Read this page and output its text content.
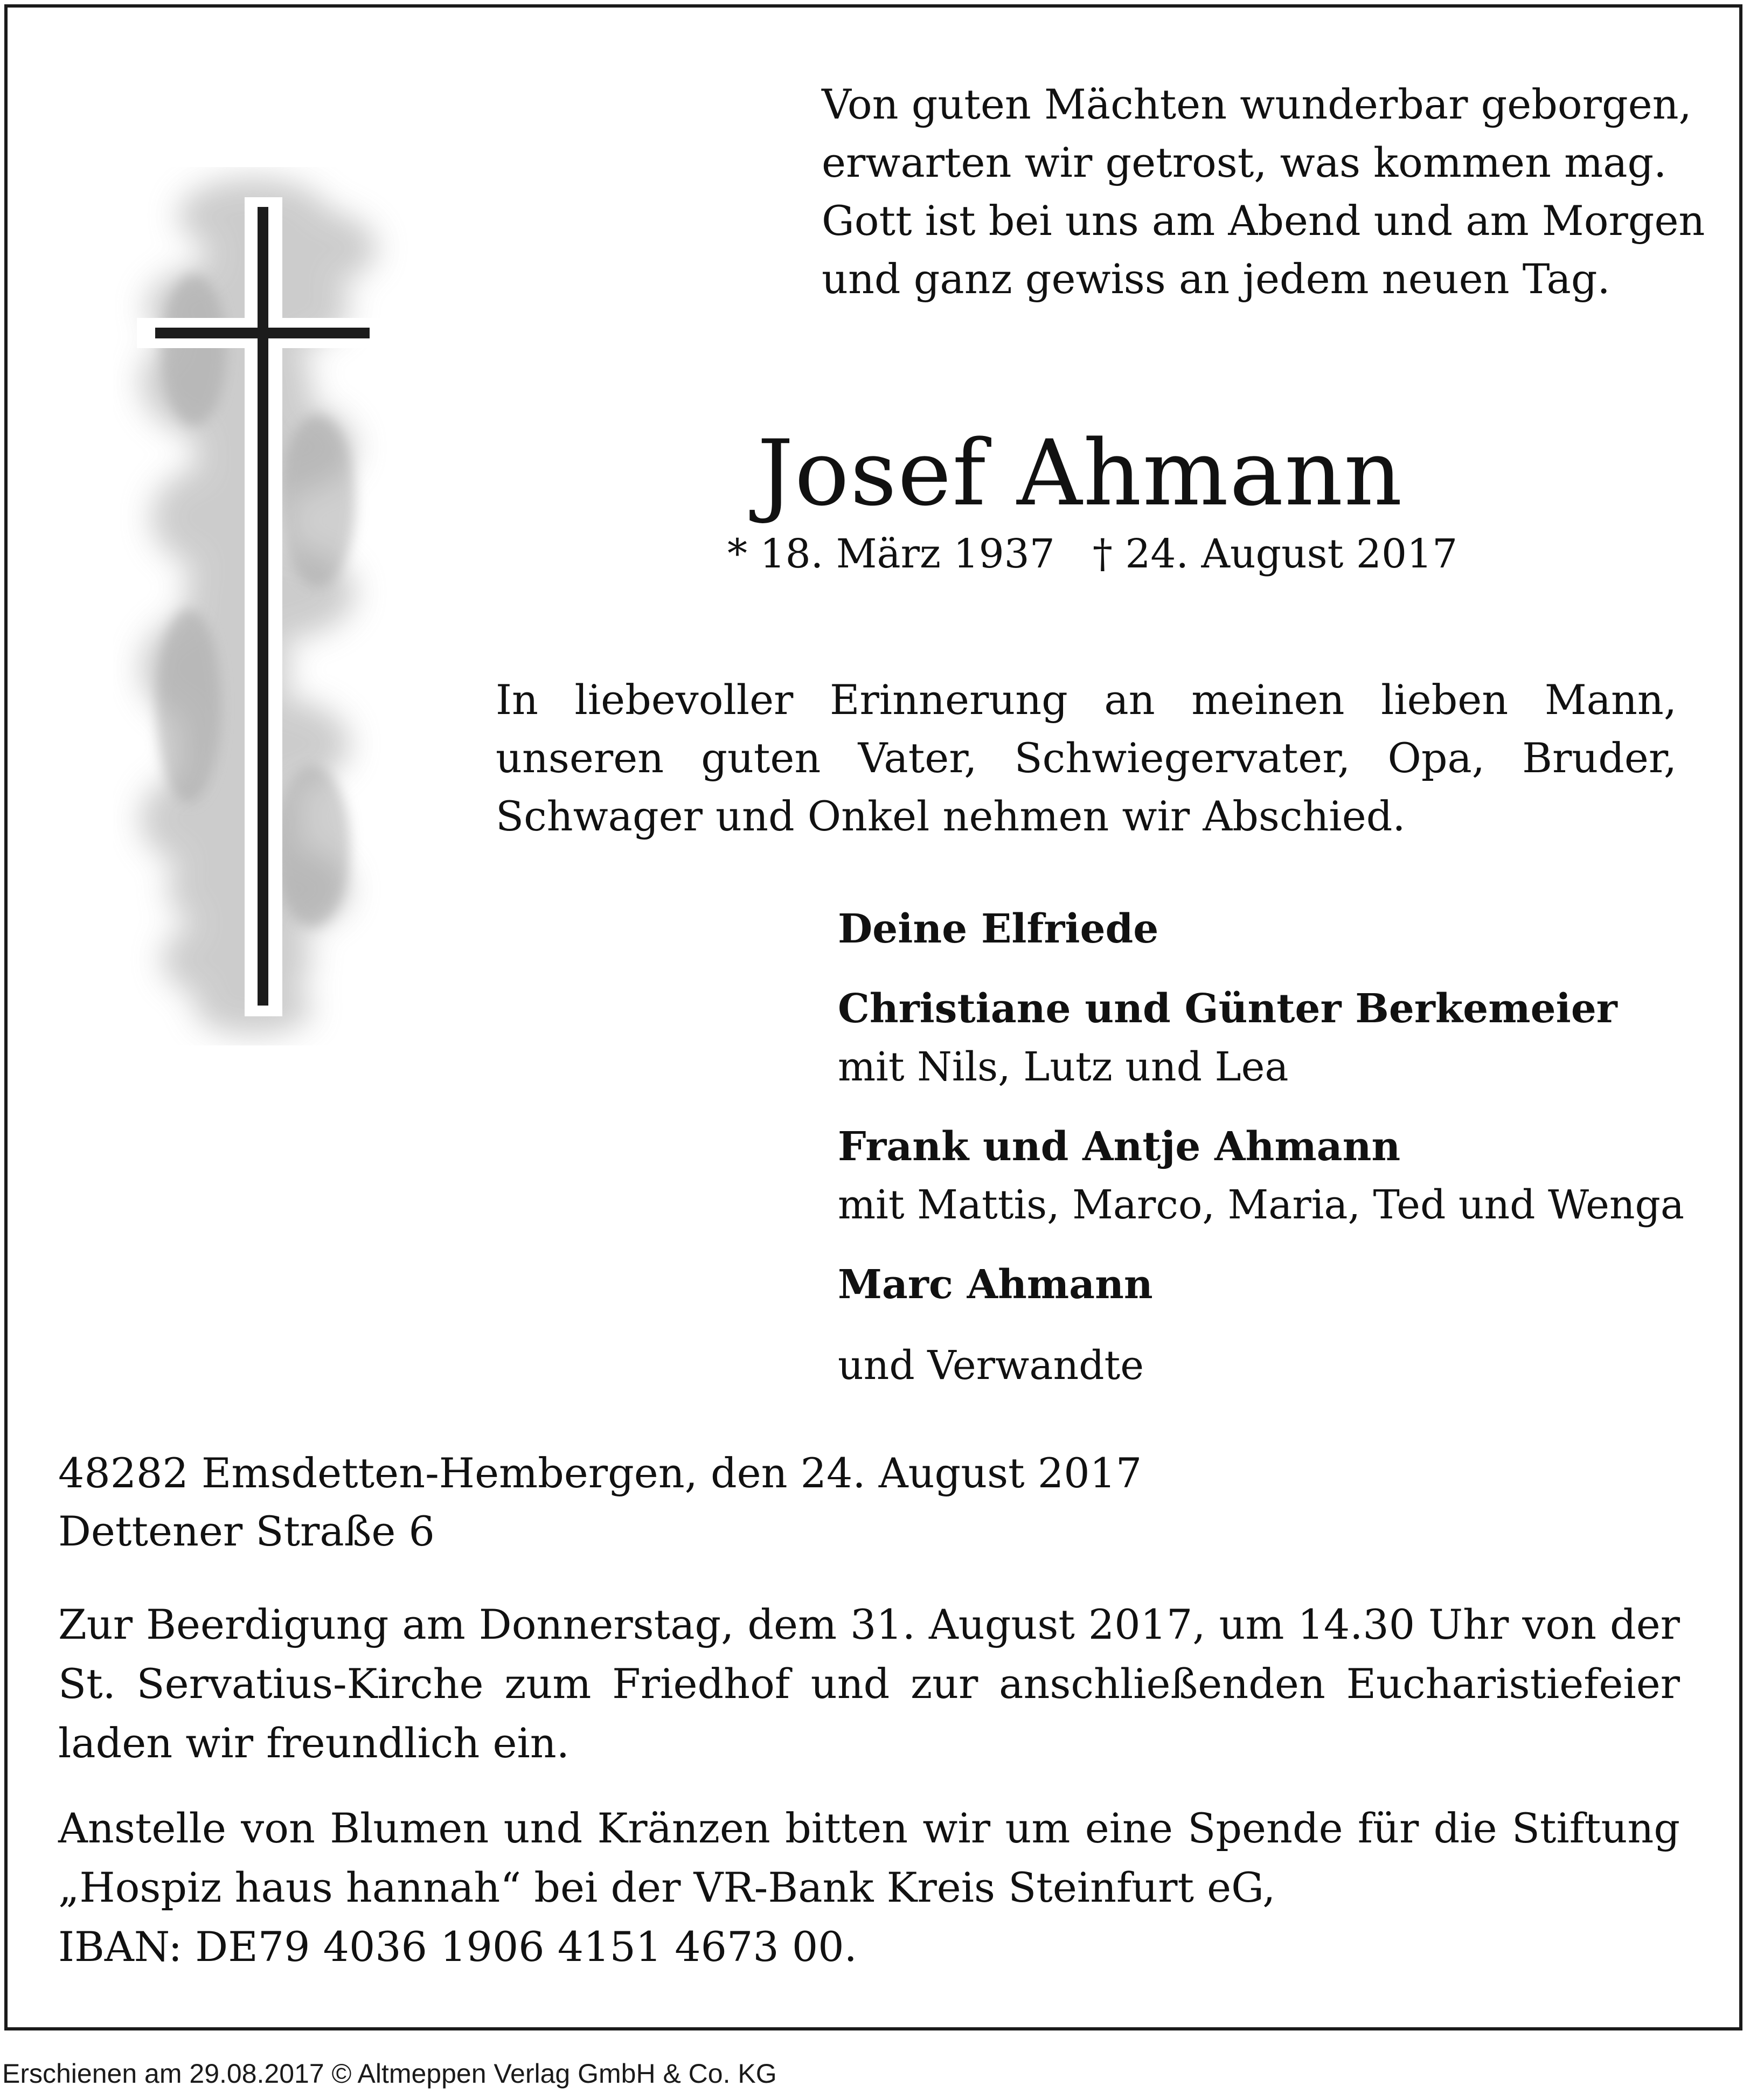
Von guten Mächten wunderbar geborgen,
erwarten wir getrost, was kommen mag.
Gott ist bei uns am Abend und am Morgen
und ganz gewiss an jedem neuen Tag.
Josef Ahmann
* 18. März 1937 † 24. August 2017
In liebevoller Erinnerung an meinen lieben Mann, unseren guten Vater, Schwiegervater, Opa, Bruder, Schwager und Onkel nehmen wir Abschied.
Deine Elfriede
Christiane und Günter Berkemeier
mit Nils, Lutz und Lea
Frank und Antje Ahmann
mit Mattis, Marco, Maria, Ted und Wenga
Marc Ahmann
und Verwandte
48282 Emsdetten-Hembergen, den 24. August 2017
Dettener Straße 6
Zur Beerdigung am Donnerstag, dem 31. August 2017, um 14.30 Uhr von der St. Servatius-Kirche zum Friedhof und zur anschließenden Eucharistiefeier laden wir freundlich ein.
Anstelle von Blumen und Kränzen bitten wir um eine Spende für die Stiftung
„Hospiz haus hannah“ bei der VR-Bank Kreis Steinfurt eG,
IBAN: DE79 4036 1906 4151 4673 00.
Erschienen am 29.08.2017 © Altmeppen Verlag GmbH & Co. KG
